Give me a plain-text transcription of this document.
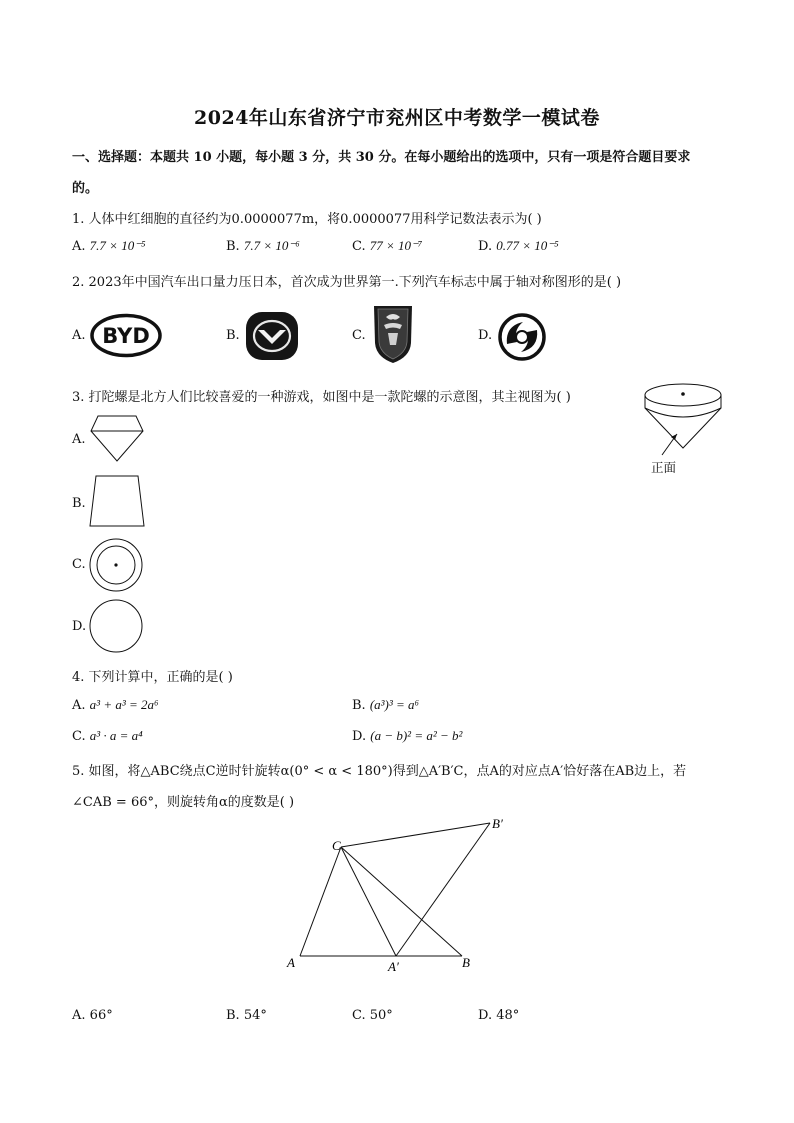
2024年山东省济宁市兖州区中考数学一模试卷
一、选择题：本题共 10 小题，每小题 3 分，共 30 分。在每小题给出的选项中，只有一项是符合题目要求
的。
1. 人体中红细胞的直径约为0.0000077m，将0.0000077用科学记数法表示为( )
A. 7.7 × 10⁻⁵	B. 7.7 × 10⁻⁶	C. 77 × 10⁻⁷	D. 0.77 × 10⁻⁵
2. 2023年中国汽车出口量力压日本，首次成为世界第一.下列汽车标志中属于轴对称图形的是( )
A. BYD	B.	C.	D.
3. 打陀螺是北方人们比较喜爱的一种游戏，如图中是一款陀螺的示意图，其主视图为( )
正面
A.
B.
C.
D.
4. 下列计算中，正确的是( )
A. a³ + a³ = 2a⁶	B. (a³)³ = a⁶
C. a³ · a = a⁴	D. (a − b)² = a² − b²
5. 如图，将△ABC绕点C逆时针旋转α(0° < α < 180°)得到△A′B′C，点A的对应点A′恰好落在AB边上，若
∠CAB = 66°，则旋转角α的度数是( )
C
A	B
A′
B′
A. 66°	B. 54°	C. 50°	D. 48°
